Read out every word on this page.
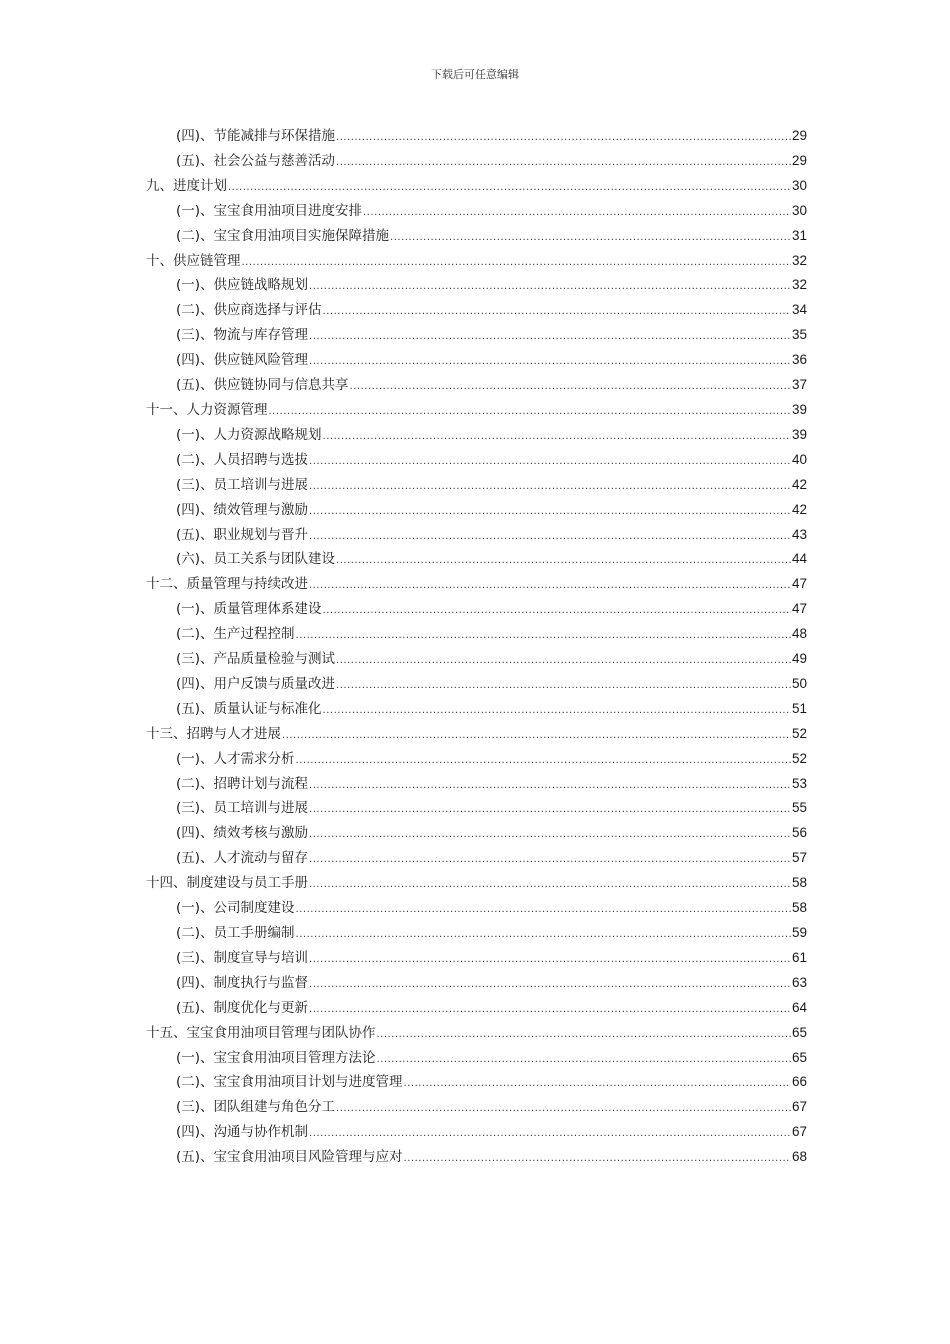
下载后可任意编辑
(四)、节能减排与环保措施 .....	29
(五)、社会公益与慈善活动 .....	29
九、进度计划 .....	30
(一)、宝宝食用油项目进度安排 .....	30
(二)、宝宝食用油项目实施保障措施 .....	31
十、供应链管理 .....	32
(一)、供应链战略规划 .....	32
(二)、供应商选择与评估 .....	34
(三)、物流与库存管理 .....	35
(四)、供应链风险管理 .....	36
(五)、供应链协同与信息共享 .....	37
十一、人力资源管理 .....	39
(一)、人力资源战略规划 .....	39
(二)、人员招聘与选拔 .....	40
(三)、员工培训与进展 .....	42
(四)、绩效管理与激励 .....	42
(五)、职业规划与晋升 .....	43
(六)、员工关系与团队建设 .....	44
十二、质量管理与持续改进 .....	47
(一)、质量管理体系建设 .....	47
(二)、生产过程控制 .....	48
(三)、产品质量检验与测试 .....	49
(四)、用户反馈与质量改进 .....	50
(五)、质量认证与标准化 .....	51
十三、招聘与人才进展 .....	52
(一)、人才需求分析 .....	52
(二)、招聘计划与流程 .....	53
(三)、员工培训与进展 .....	55
(四)、绩效考核与激励 .....	56
(五)、人才流动与留存 .....	57
十四、制度建设与员工手册 .....	58
(一)、公司制度建设 .....	58
(二)、员工手册编制 .....	59
(三)、制度宣导与培训 .....	61
(四)、制度执行与监督 .....	63
(五)、制度优化与更新 .....	64
十五、宝宝食用油项目管理与团队协作 .....	65
(一)、宝宝食用油项目管理方法论 .....	65
(二)、宝宝食用油项目计划与进度管理 .....	66
(三)、团队组建与角色分工 .....	67
(四)、沟通与协作机制 .....	67
(五)、宝宝食用油项目风险管理与应对 .....	68
